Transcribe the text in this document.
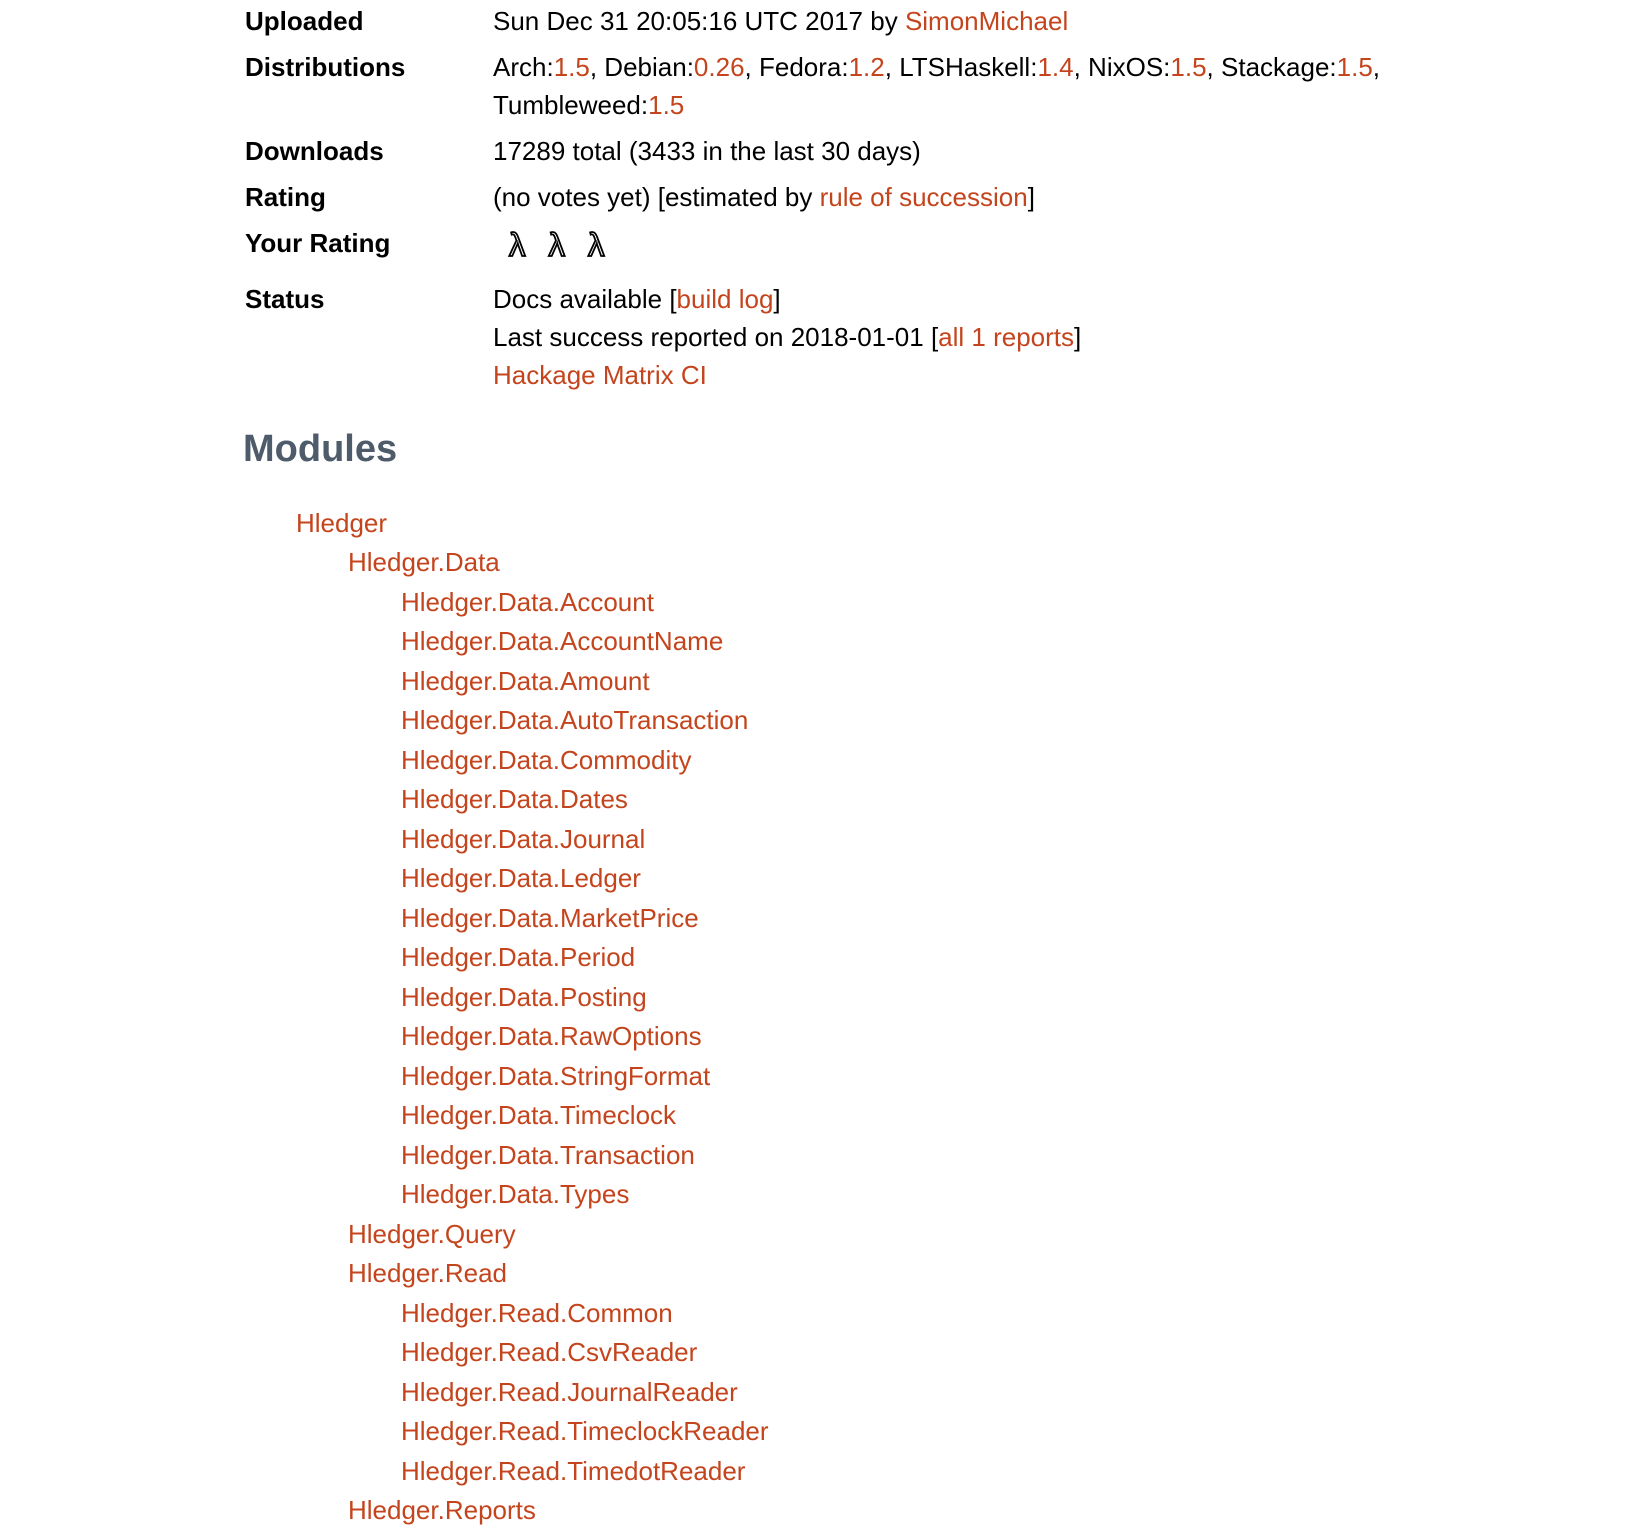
Uploaded	Sun Dec 31 20:05:16 UTC 2017 by SimonMichael
Distributions	Arch:1.5, Debian:0.26, Fedora:1.2, LTSHaskell:1.4, NixOS:1.5, Stackage:1.5, Tumbleweed:1.5
Downloads	17289 total (3433 in the last 30 days)
Rating	(no votes yet) [estimated by rule of succession]
Your Rating	λ λ λ
Status	Docs available [build log]
Last success reported on 2018-01-01 [all 1 reports]
Hackage Matrix CI
Modules
Hledger
Hledger.Data
Hledger.Data.Account
Hledger.Data.AccountName
Hledger.Data.Amount
Hledger.Data.AutoTransaction
Hledger.Data.Commodity
Hledger.Data.Dates
Hledger.Data.Journal
Hledger.Data.Ledger
Hledger.Data.MarketPrice
Hledger.Data.Period
Hledger.Data.Posting
Hledger.Data.RawOptions
Hledger.Data.StringFormat
Hledger.Data.Timeclock
Hledger.Data.Transaction
Hledger.Data.Types
Hledger.Query
Hledger.Read
Hledger.Read.Common
Hledger.Read.CsvReader
Hledger.Read.JournalReader
Hledger.Read.TimeclockReader
Hledger.Read.TimedotReader
Hledger.Reports
